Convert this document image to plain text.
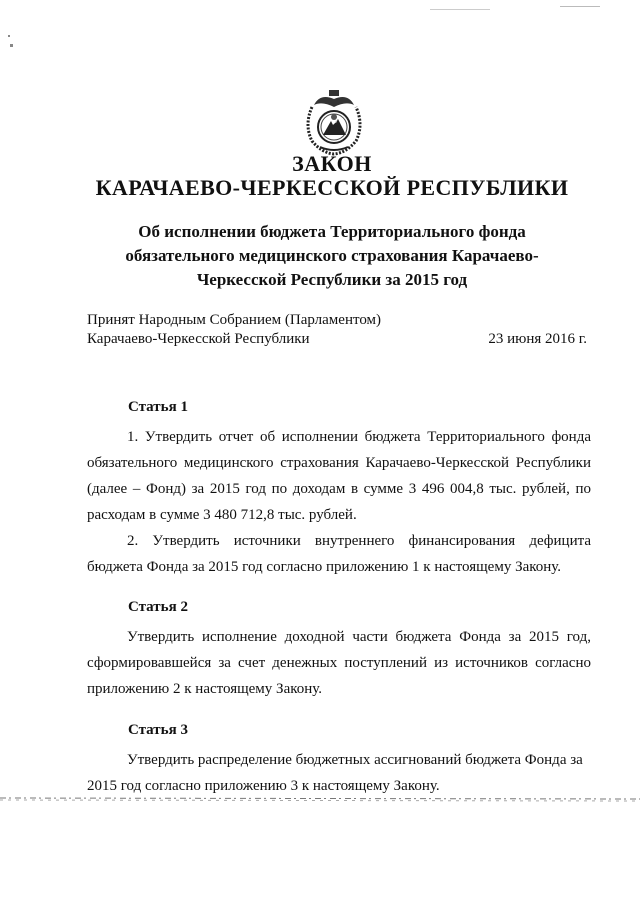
ЗАКОН
КАРАЧАЕВО-ЧЕРКЕССКОЙ РЕСПУБЛИКИ
Об исполнении бюджета Территориального фонда обязательного медицинского страхования Карачаево-Черкесской Республики за 2015 год
Принят Народным Собранием (Парламентом)
Карачаево-Черкесской Республики	23 июня 2016 г.
Статья 1
1. Утвердить отчет об исполнении бюджета Территориального фонда обязательного медицинского страхования Карачаево-Черкесской Республики (далее – Фонд) за 2015 год по доходам в сумме 3 496 004,8 тыс. рублей, по расходам в сумме 3 480 712,8 тыс. рублей.
2. Утвердить источники внутреннего финансирования дефицита бюджета Фонда за 2015 год согласно приложению 1 к настоящему Закону.
Статья 2
Утвердить исполнение доходной части бюджета Фонда за 2015 год, сформировавшейся за счет денежных поступлений из источников согласно приложению 2 к настоящему Закону.
Статья 3
Утвердить распределение бюджетных ассигнований бюджета Фонда за 2015 год согласно приложению 3 к настоящему Закону.
